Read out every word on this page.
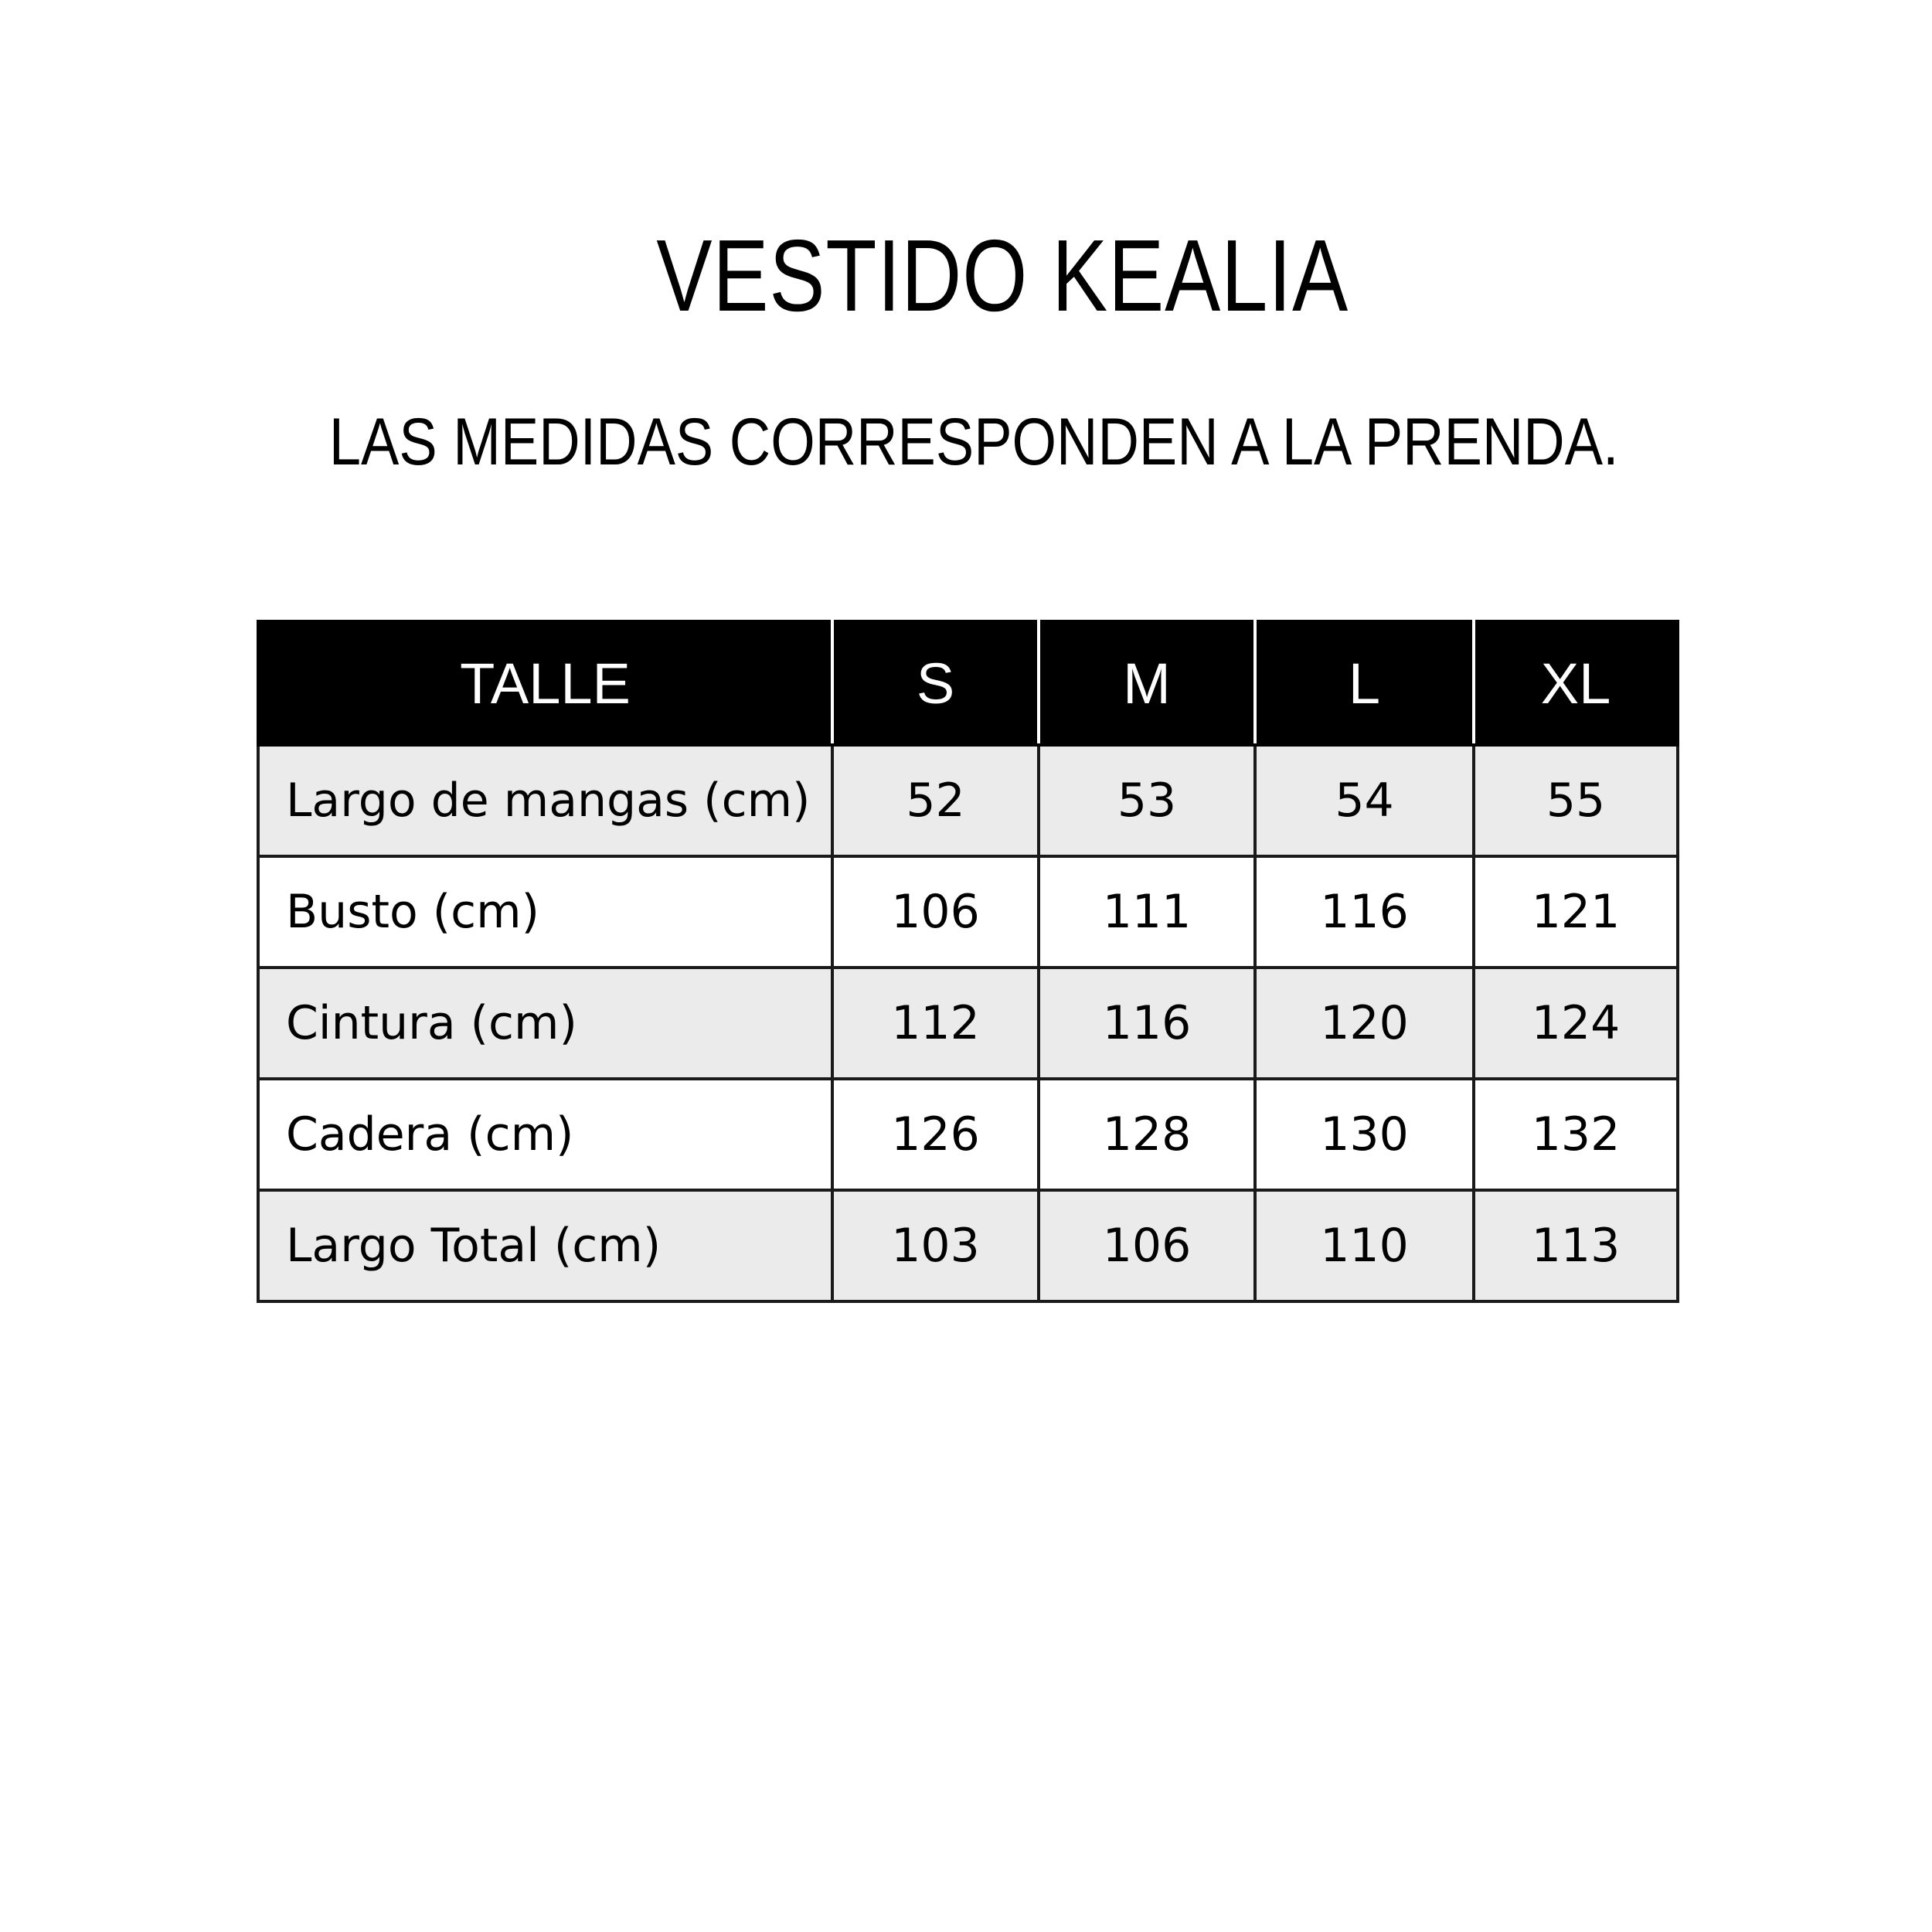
VESTIDO KEALIA
LAS MEDIDAS CORRESPONDEN A LA PRENDA.
TALLE	S	M	L	XL
Largo de mangas (cm)	52	53	54	55
Busto (cm)	106	111	116	121
Cintura (cm)	112	116	120	124
Cadera (cm)	126	128	130	132
Largo Total (cm)	103	106	110	113
